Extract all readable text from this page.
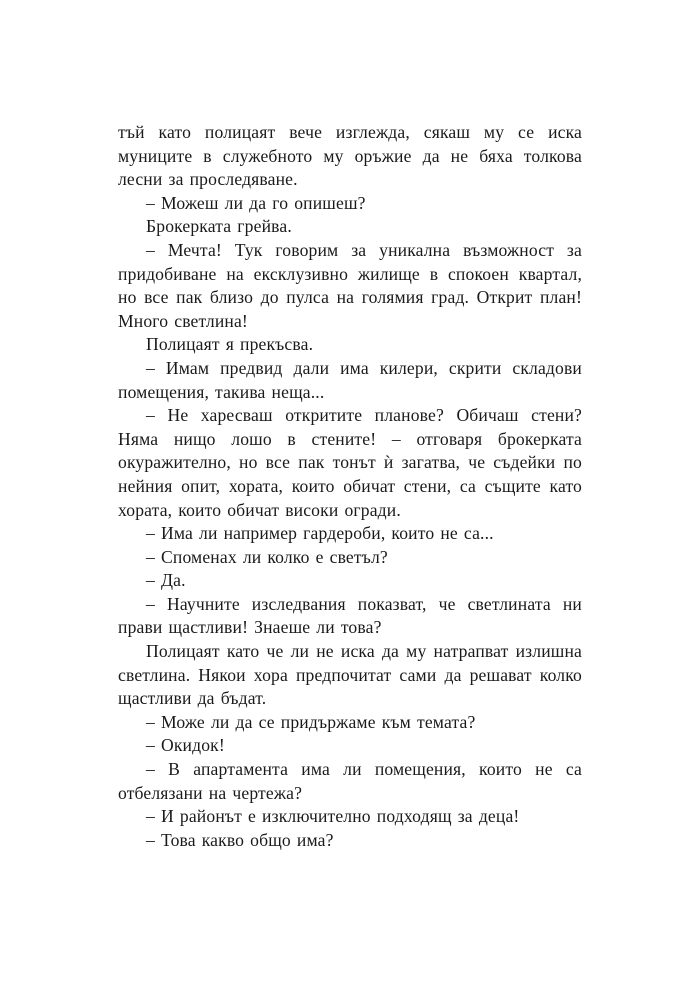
тъй като полицаят вече изглежда, сякаш му се иска муниците в служебното му оръжие да не бяха толкова лесни за проследяване.

– Можеш ли да го опишеш?

Брокерката грейва.

– Мечта! Тук говорим за уникална възможност за придобиване на ексклузивно жилище в спокоен квартал, но все пак близо до пулса на голямия град. Открит план! Много светлина!

Полицаят я прекъсва.

– Имам предвид дали има килери, скрити складови помещения, такива неща...

– Не харесваш откритите планове? Обичаш стени? Няма нищо лошо в стените! – отговаря брокерката окуражително, но все пак тонът ѝ загатва, че съдейки по нейния опит, хората, които обичат стени, са същите като хората, които обичат високи огради.

– Има ли например гардероби, които не са...

– Споменах ли колко е светъл?

– Да.

– Научните изследвания показват, че светлината ни прави щастливи! Знаеше ли това?

Полицаят като че ли не иска да му натрапват излишна светлина. Някои хора предпочитат сами да решават колко щастливи да бъдат.

– Може ли да се придържаме към темата?

– Окидок!

– В апартамента има ли помещения, които не са отбелязани на чертежа?

– И районът е изключително подходящ за деца!

– Това какво общо има?
